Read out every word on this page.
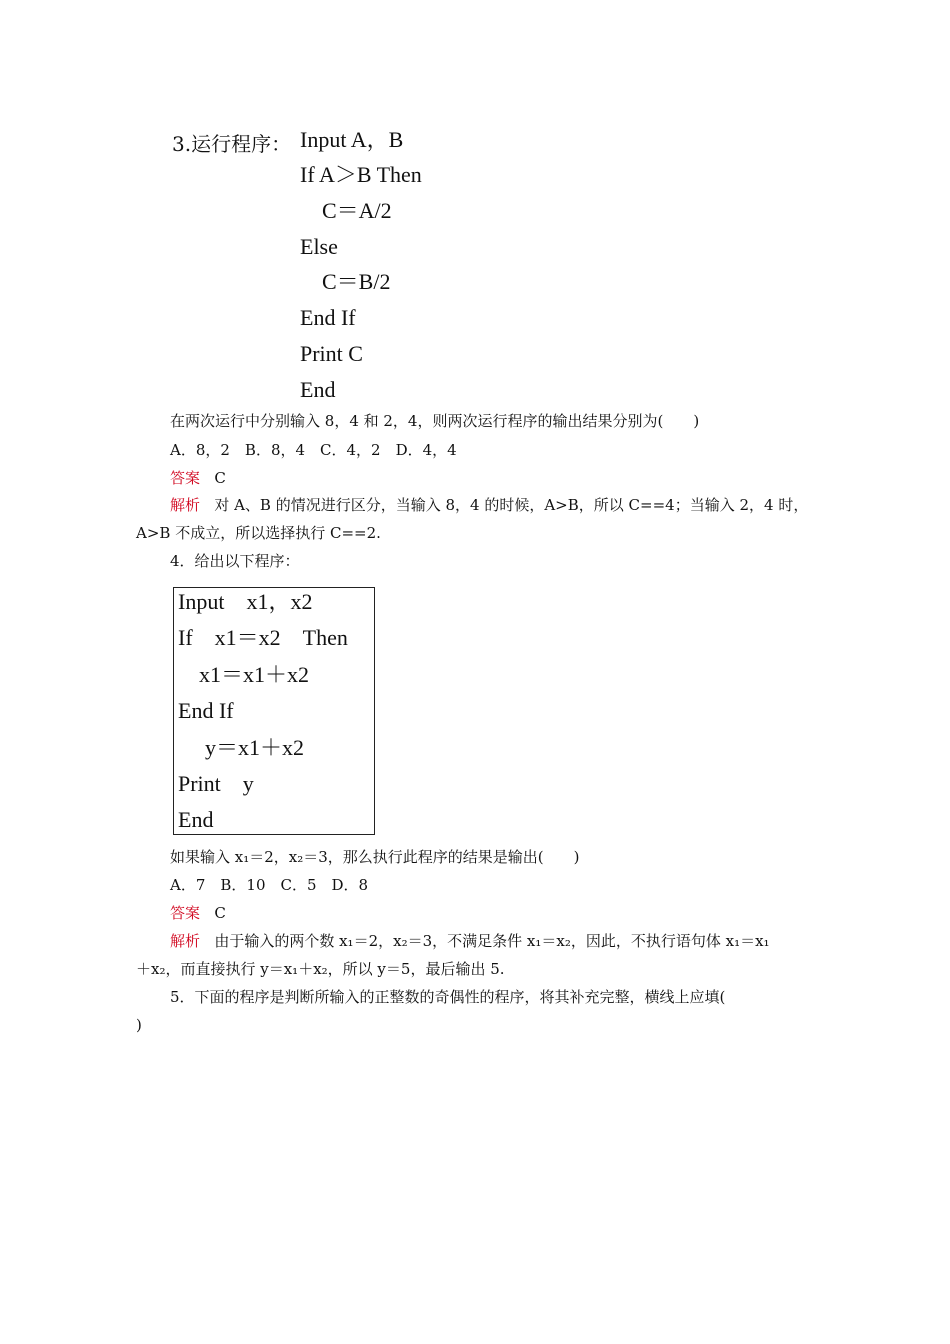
3.运行程序： Input A，B
If A＞B Then
C＝A/2
Else
C＝B/2
End If
Print C
End
在两次运行中分别输入 8，4 和 2，4，则两次运行程序的输出结果分别为(　　)
A．8，2　B．8，4　C．4，2　D．4，4
答案 C
解析 对 A、B 的情况进行区分，当输入 8，4 的时候，A>B，所以 C==4；当输入 2，4 时，
A>B 不成立，所以选择执行 C==2.
4．给出以下程序：
Input　x1，x2
If　x1＝x2　Then
x1＝x1＋x2
End If
y＝x1＋x2
Print　y
End
如果输入 x₁＝2，x₂＝3，那么执行此程序的结果是输出(　　)
A．7　B．10　C．5　D．8
答案 C
解析 由于输入的两个数 x₁＝2，x₂＝3，不满足条件 x₁＝x₂，因此，不执行语句体 x₁＝x₁
＋x₂，而直接执行 y＝x₁＋x₂，所以 y＝5，最后输出 5.
5．下面的程序是判断所输入的正整数的奇偶性的程序，将其补充完整，横线上应填(
)
